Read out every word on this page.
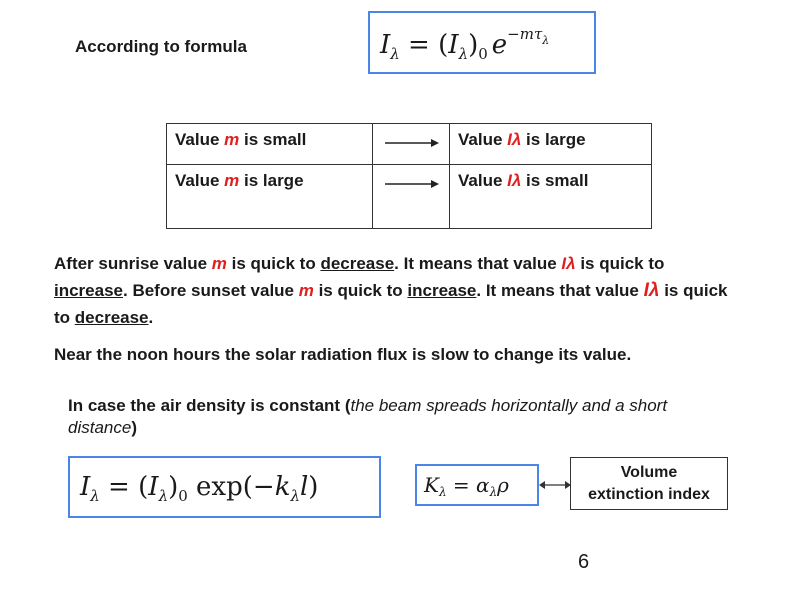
According to formula	$I_\lambda = (I_\lambda)_0$ $e^{-m\tau\lambda}$
Value m is small		Value Iλ is large
Value m is large		Value Iλ is small
After sunrise value m is quick to decrease. It means that value Iλ is quick to increase. Before sunset value m is quick to increase. It means that value Iλ is quick to decrease.
Near the noon hours the solar radiation flux is slow to change its value.
In case the air density is constant (the beam spreads horizontally and a short distance)
$I_\lambda = (I_\lambda)_0$ $\exp(-k_\lambda l)$	$K_\lambda = \alpha_\lambda\rho$
Volume
extinction index
6
